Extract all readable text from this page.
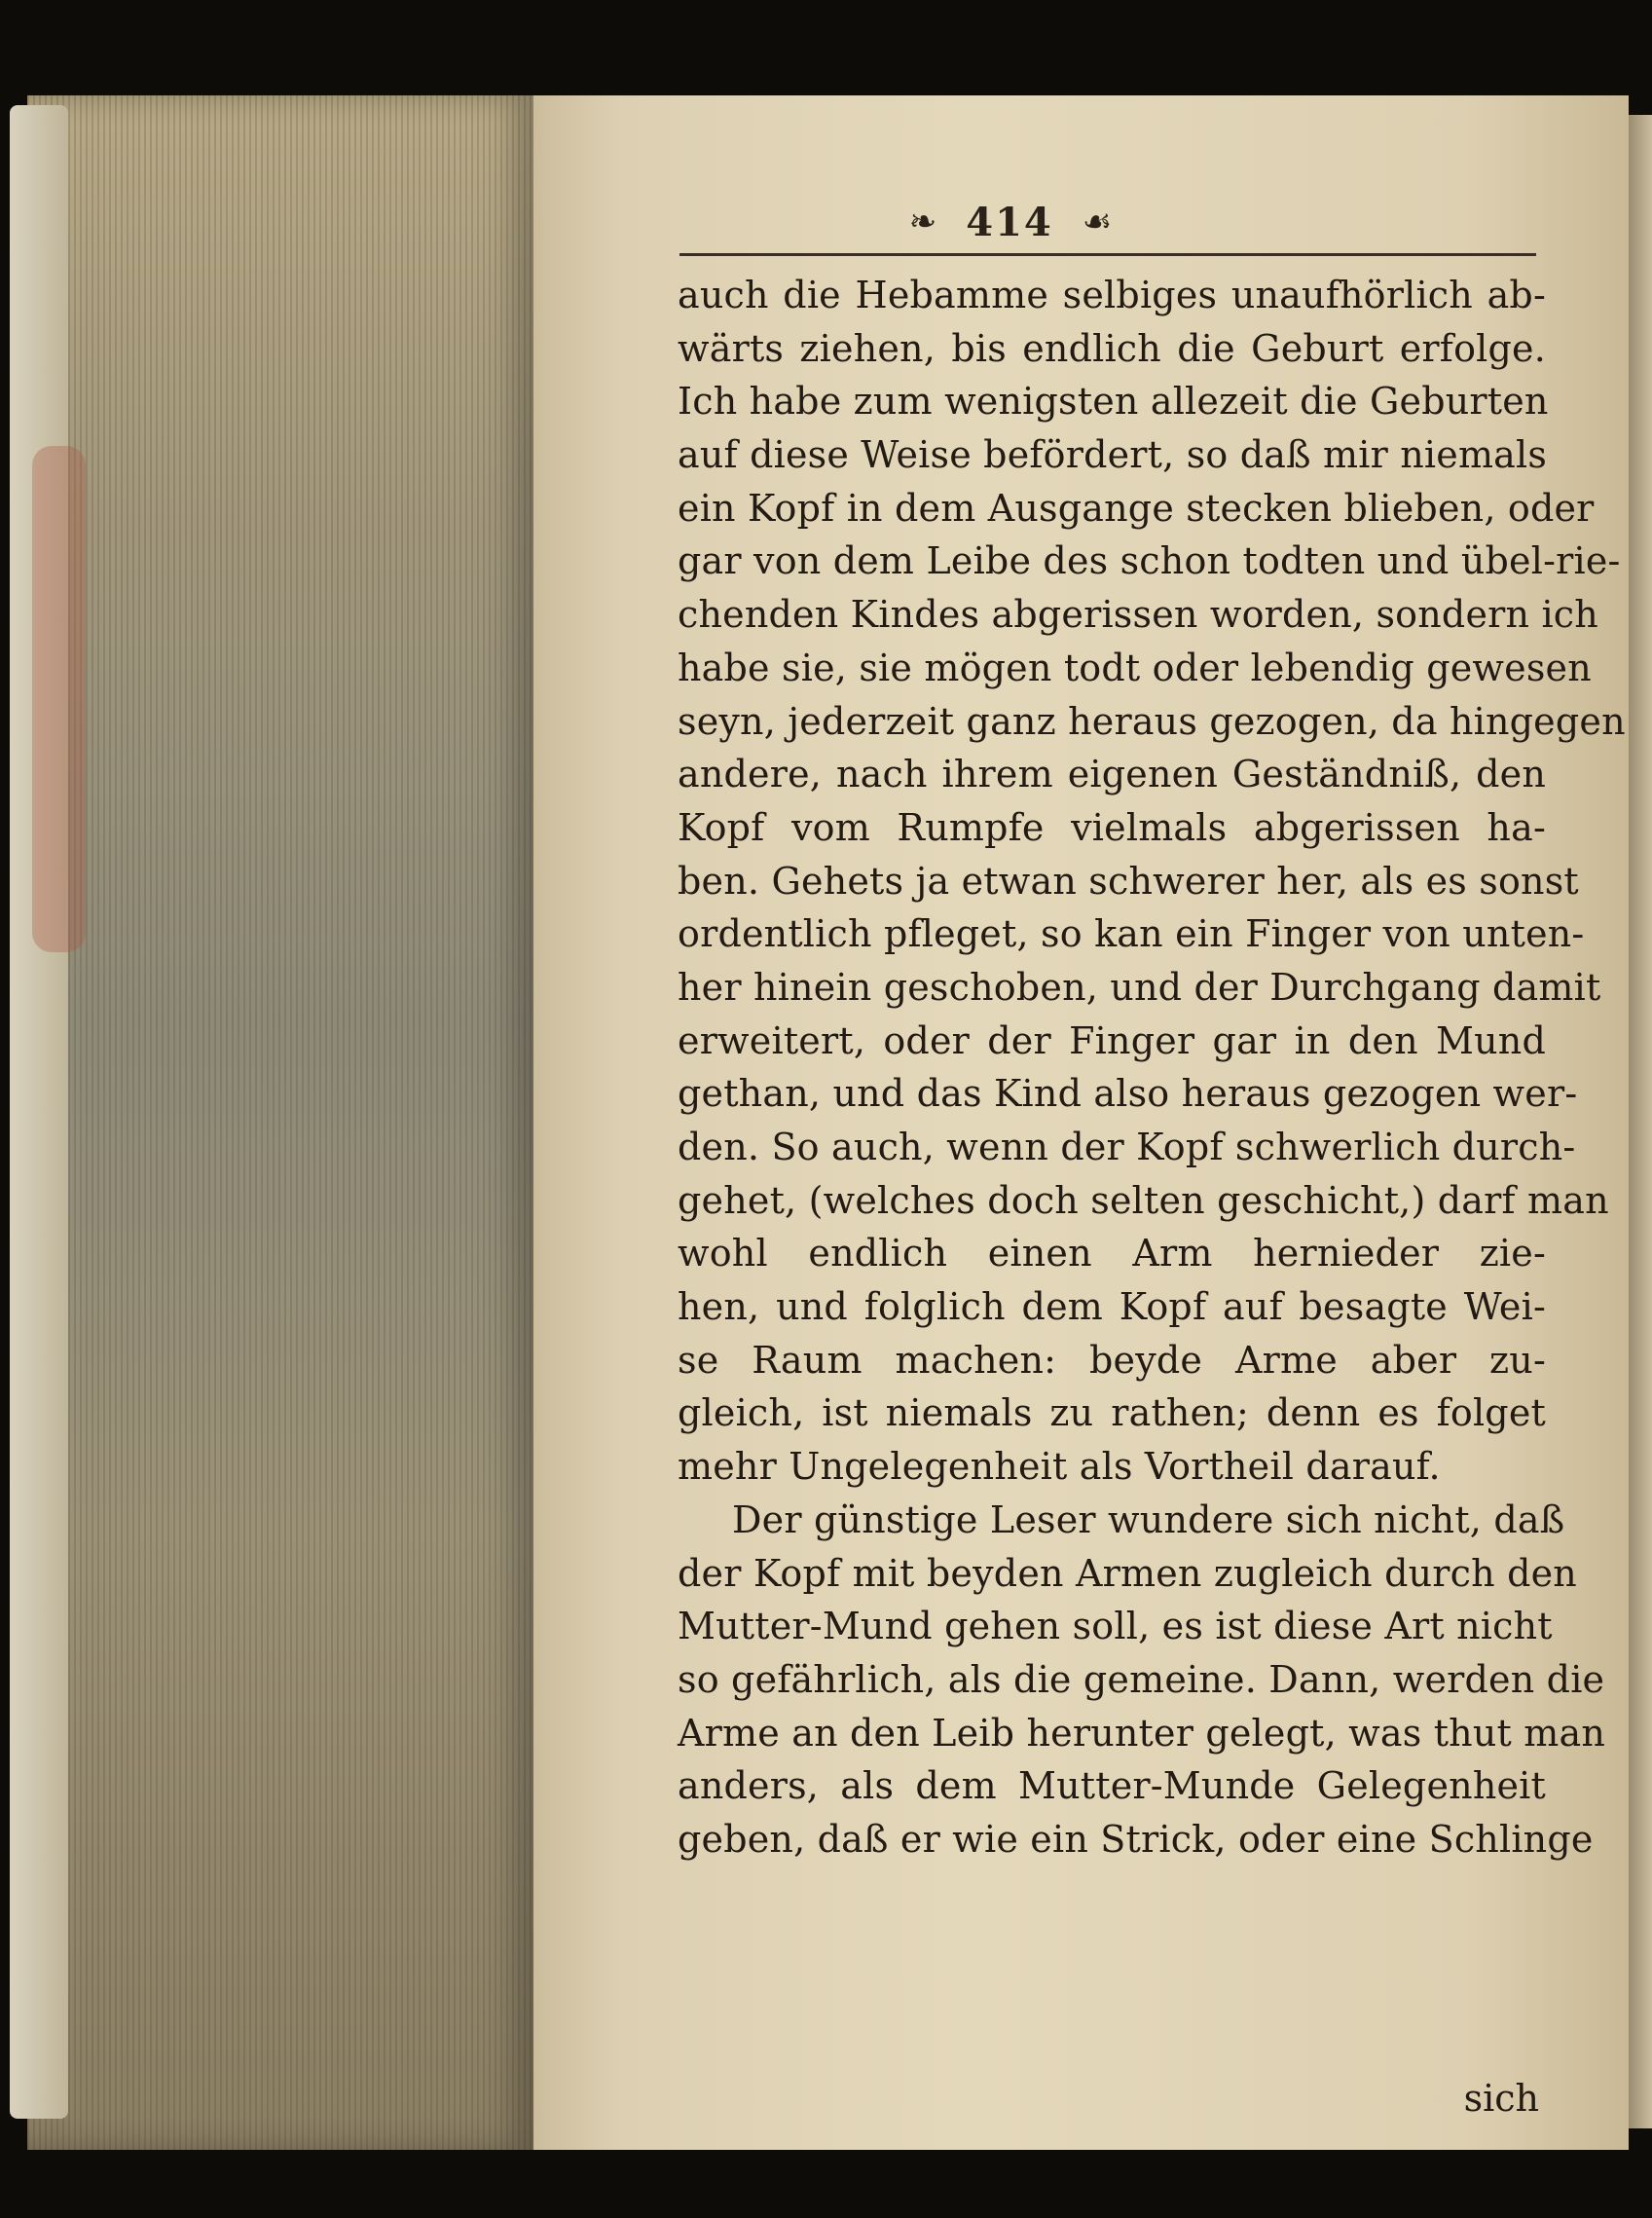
❧ 414 ☙
auch die Hebamme selbiges unaufhörlich ab-
wärts ziehen, bis endlich die Geburt erfolge.
Ich habe zum wenigsten allezeit die Geburten
auf diese Weise befördert, so daß mir niemals
ein Kopf in dem Ausgange stecken blieben, oder
gar von dem Leibe des schon todten und übel-rie-
chenden Kindes abgerissen worden, sondern ich
habe sie, sie mögen todt oder lebendig gewesen
seyn, jederzeit ganz heraus gezogen, da hingegen
andere, nach ihrem eigenen Geständniß, den
Kopf vom Rumpfe vielmals abgerissen ha-
ben. Gehets ja etwan schwerer her, als es sonst
ordentlich pfleget, so kan ein Finger von unten-
her hinein geschoben, und der Durchgang damit
erweitert, oder der Finger gar in den Mund
gethan, und das Kind also heraus gezogen wer-
den. So auch, wenn der Kopf schwerlich durch-
gehet, (welches doch selten geschicht,) darf man
wohl endlich einen Arm hernieder zie-
hen, und folglich dem Kopf auf besagte Wei-
se Raum machen: beyde Arme aber zu-
gleich, ist niemals zu rathen; denn es folget
mehr Ungelegenheit als Vortheil darauf.
Der günstige Leser wundere sich nicht, daß
der Kopf mit beyden Armen zugleich durch den
Mutter-Mund gehen soll, es ist diese Art nicht
so gefährlich, als die gemeine. Dann, werden die
Arme an den Leib herunter gelegt, was thut man
anders, als dem Mutter-Munde Gelegenheit
geben, daß er wie ein Strick, oder eine Schlinge
sich
